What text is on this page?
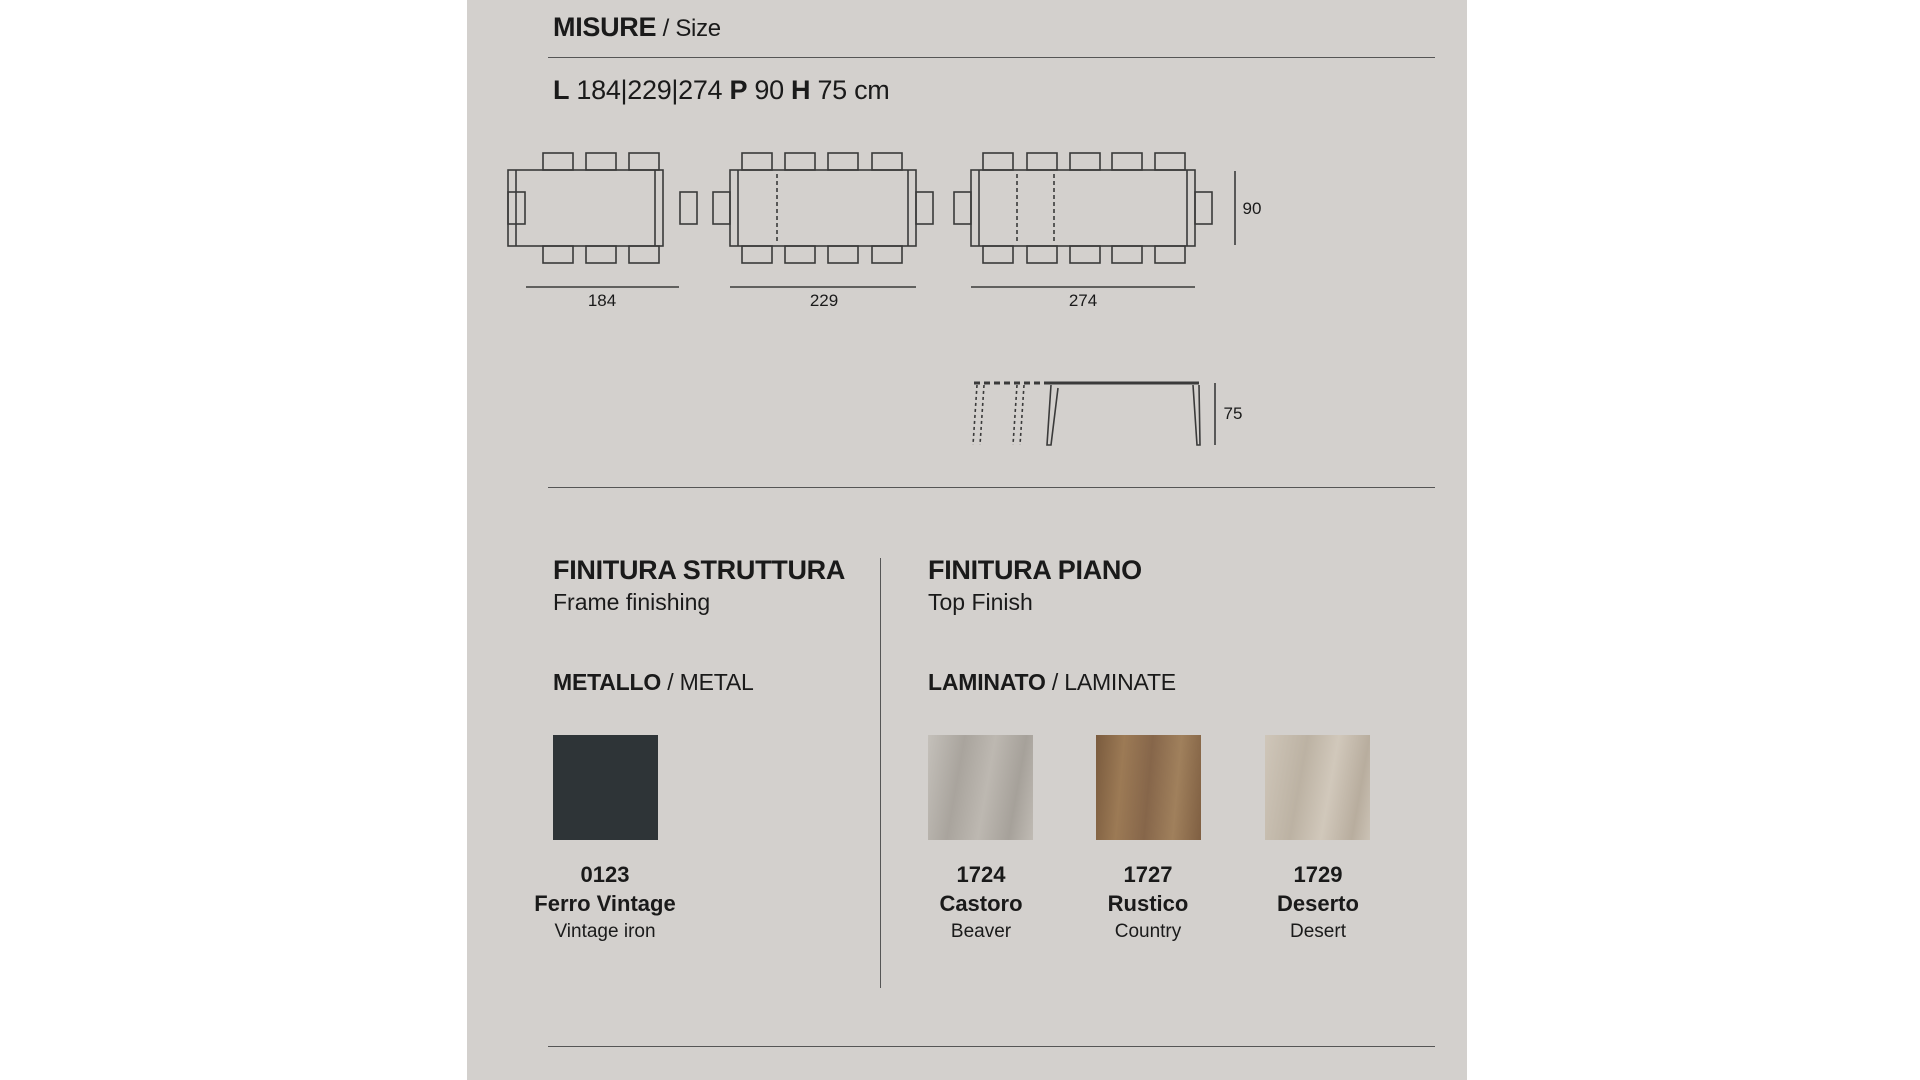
MISURE / Size
L 184|229|274 P 90 H 75 cm
184	229	274
90
75
FINITURA STRUTTURA
Frame finishing
METALLO / METAL
0123
Ferro Vintage
Vintage iron
FINITURA PIANO
Top Finish
LAMINATO / LAMINATE
1724
Castoro
Beaver
1727
Rustico
Country
1729
Deserto
Desert
